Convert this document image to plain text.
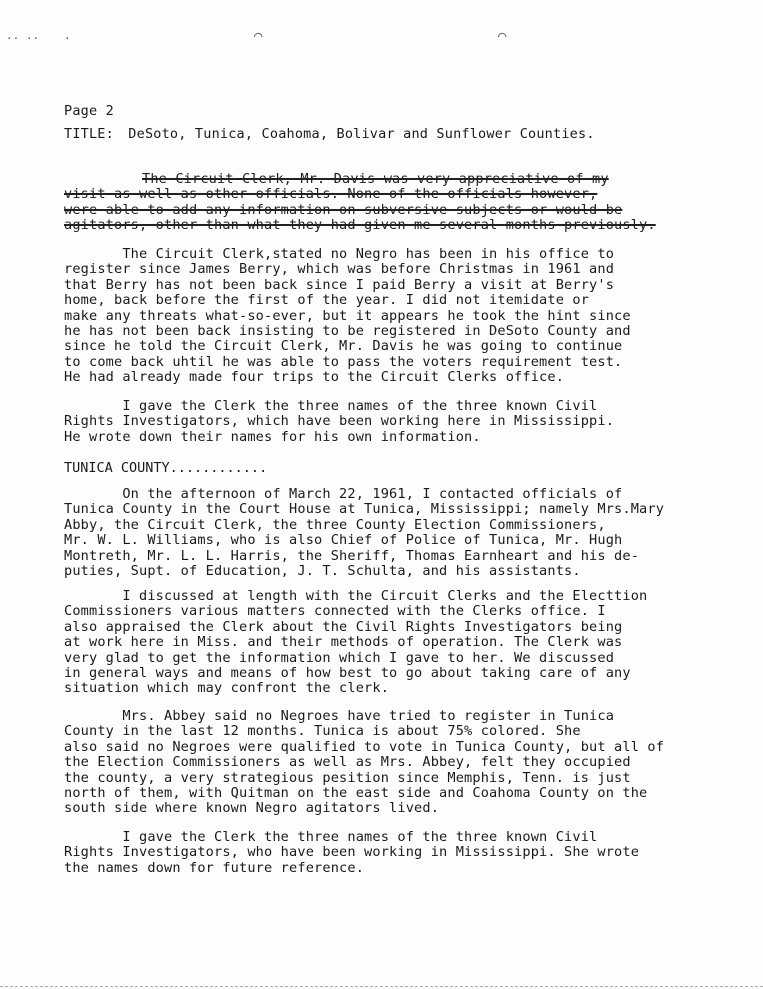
·· ·· ·	⌒	⌒
Page 2
TITLE: DeSoto, Tunica, Coahoma, Bolivar and Sunflower Counties.
The Circuit Clerk, Mr. Davis was very appreciative of my
visit as well as other officials. None of the officials however,
were able to add any information on subversive subjects or would-be
agitators, other than what they had given me several months previously.
The Circuit Clerk,stated no Negro has been in his office to
register since James Berry, which was before Christmas in 1961 and
that Berry has not been back since I paid Berry a visit at Berry's
home, back before the first of the year. I did not itemidate or
make any threats what-so-ever, but it appears he took the hint since
he has not been back insisting to be registered in DeSoto County and
since he told the Circuit Clerk, Mr. Davis he was going to continue
to come back uhtil he was able to pass the voters requirement test.
He had already made four trips to the Circuit Clerks office.
I gave the Clerk the three names of the three known Civil
Rights Investigators, which have been working here in Mississippi.
He wrote down their names for his own information.
TUNICA COUNTY............
On the afternoon of March 22, 1961, I contacted officials of
Tunica County in the Court House at Tunica, Mississippi; namely Mrs.Mary
Abby, the Circuit Clerk, the three County Election Commissioners,
Mr. W. L. Williams, who is also Chief of Police of Tunica, Mr. Hugh
Montreth, Mr. L. L. Harris, the Sheriff, Thomas Earnheart and his de-
puties, Supt. of Education, J. T. Schulta, and his assistants.
I discussed at length with the Circuit Clerks and the Electtion
Commissioners various matters connected with the Clerks office. I
also appraised the Clerk about the Civil Rights Investigators being
at work here in Miss. and their methods of operation. The Clerk was
very glad to get the information which I gave to her. We discussed
in general ways and means of how best to go about taking care of any
situation which may confront the clerk.
Mrs. Abbey said no Negroes have tried to register in Tunica
County in the last 12 months. Tunica is about 75% colored. She
also said no Negroes were qualified to vote in Tunica County, but all of
the Election Commissioners as well as Mrs. Abbey, felt they occupied
the county, a very strategious pesition since Memphis, Tenn. is just
north of them, with Quitman on the east side and Coahoma County on the
south side where known Negro agitators lived.
I gave the Clerk the three names of the three known Civil
Rights Investigators, who have been working in Mississippi. She wrote
the names down for future reference.
